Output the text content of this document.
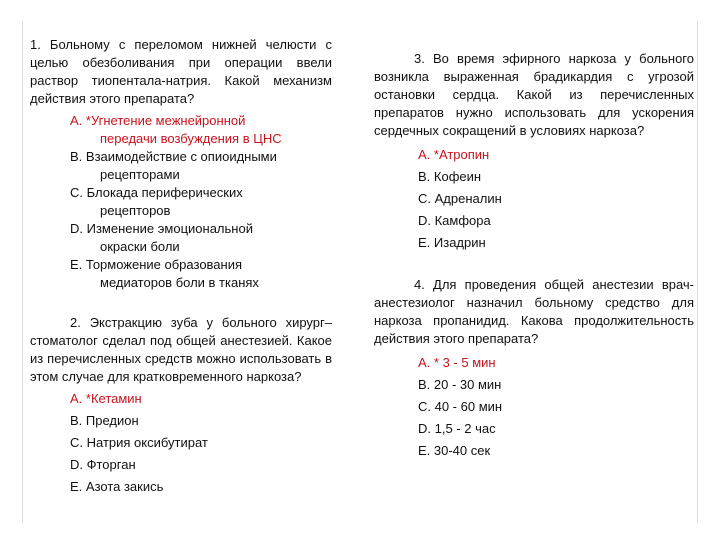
1. Больному с переломом нижней челюсти с целью обезболивания при операции ввели раствор тиопентала-натрия. Какой механизм действия этого препарата?

А. *Угнетение межнейронной
передачи возбуждения в ЦНС
В. Взаимодействие с опиоидными
рецепторами
С. Блокада периферических
рецепторов
D. Изменение эмоциональной
окраски боли
Е. Торможение образования
медиаторов боли в тканях

2. Экстракцию зуба у больного хирург–стоматолог сделал под общей анестезией. Какое из перечисленных средств можно использовать в этом случае для кратковременного наркоза?

А. *Кетамин
В. Предион
С. Натрия оксибутират
D. Фторган
Е. Азота закись

3. Во время эфирного наркоза у больного возникла выраженная брадикардия с угрозой остановки сердца. Какой из перечисленных препаратов нужно использовать для ускорения сердечных сокращений в условиях наркоза?

А. *Атропин
В. Кофеин
С. Адреналин
D. Камфора
Е. Изадрин

4. Для проведения общей анестезии врач-анестезиолог назначил больному средство для наркоза пропанидид. Какова продолжительность действия этого препарата?

А. * 3 - 5 мин
В. 20 - 30 мин
С. 40 - 60 мин
D. 1,5 - 2 час
Е. 30-40 сек
